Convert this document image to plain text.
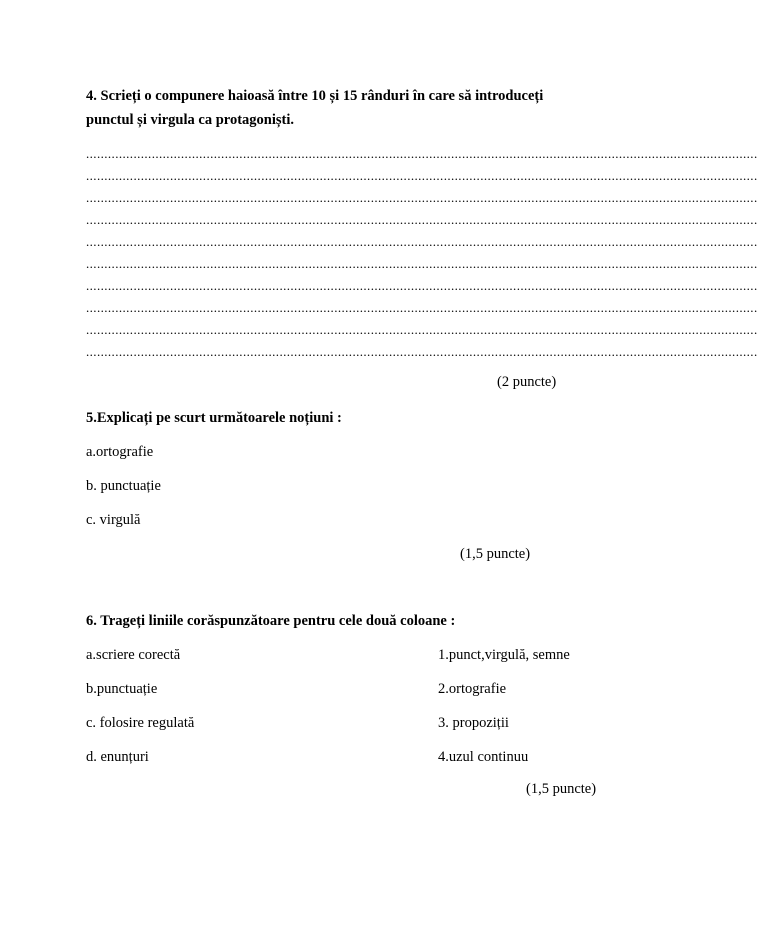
4. Scrieți o compunere haioasă între 10 și 15 rânduri în care să introduceți
punctul și virgula ca protagoniști.
........................................................................................................................................................................................
........................................................................................................................................................................................
........................................................................................................................................................................................
........................................................................................................................................................................................
........................................................................................................................................................................................
........................................................................................................................................................................................
........................................................................................................................................................................................
........................................................................................................................................................................................
........................................................................................................................................................................................
........................................................................................................................................................................................
(2 puncte)
5.Explicați pe scurt următoarele noțiuni :
a.ortografie
b. punctuație
c. virgulă
(1,5 puncte)
6. Trageți liniile corăspunzătoare pentru cele două coloane :
a.scriere corectă	1.punct,virgulă, semne
b.punctuație	2.ortografie
c. folosire regulată	3. propoziții
d. enunțuri	4.uzul continuu
(1,5 puncte)
